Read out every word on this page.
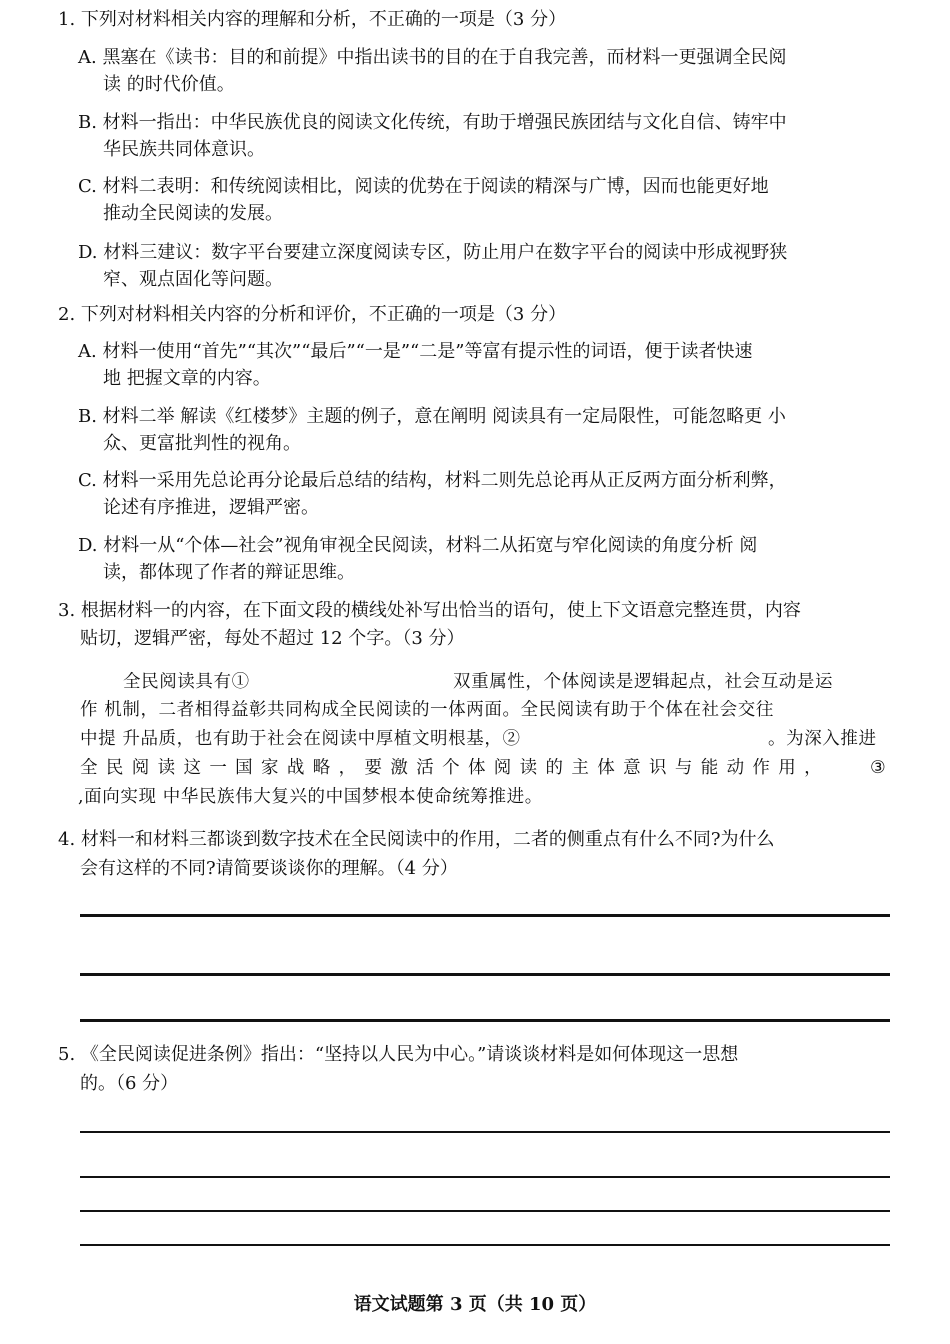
1. 下列对材料相关内容的理解和分析，不正确的一项是（3 分）
A. 黑塞在《读书：目的和前提》中指出读书的目的在于自我完善，而材料一更强调全民阅
读 的时代价值。
B. 材料一指出：中华民族优良的阅读文化传统，有助于增强民族团结与文化自信、铸牢中
华民族共同体意识。
C. 材料二表明：和传统阅读相比，阅读的优势在于阅读的精深与广博，因而也能更好地
推动全民阅读的发展。
D. 材料三建议：数字平台要建立深度阅读专区，防止用户在数字平台的阅读中形成视野狭
窄、观点固化等问题。
2. 下列对材料相关内容的分析和评价，不正确的一项是（3 分）
A. 材料一使用“首先”“其次”“最后”“一是”“二是”等富有提示性的词语，便于读者快速
地 把握文章的内容。
B. 材料二举 解读《红楼梦》主题的例子，意在阐明 阅读具有一定局限性，可能忽略更 小
众、更富批判性的视角。
C. 材料一采用先总论再分论最后总结的结构，材料二则先总论再从正反两方面分析利弊，
论述有序推进，逻辑严密。
D. 材料一从“个体—社会”视角审视全民阅读，材料二从拓宽与窄化阅读的角度分析 阅
读，都体现了作者的辩证思维。
3. 根据材料一的内容，在下面文段的横线处补写出恰当的语句，使上下文语意完整连贯，内容
贴切，逻辑严密，每处不超过 12 个字。（3 分）
全民阅读具有①	双重属性，个体阅读是逻辑起点，社会互动是运
作 机制，二者相得益彰共同构成全民阅读的一体两面。全民阅读有助于个体在社会交往
中提 升品质，也有助于社会在阅读中厚植文明根基，②	。为深入推进
全 民 阅 读 这 一 国 家 战 略 ， 要 激 活 个 体 阅 读 的 主 体 意 识 与 能 动 作 用 ，	③
,面向实现 中华民族伟大复兴的中国梦根本使命统筹推进。
4. 材料一和材料三都谈到数字技术在全民阅读中的作用，二者的侧重点有什么不同?为什么
会有这样的不同?请简要谈谈你的理解。（4 分）
5. 《全民阅读促进条例》指出：“坚持以人民为中心。”请谈谈材料是如何体现这一思想
的。（6 分）
语文试题第 3 页（共 10 页）
